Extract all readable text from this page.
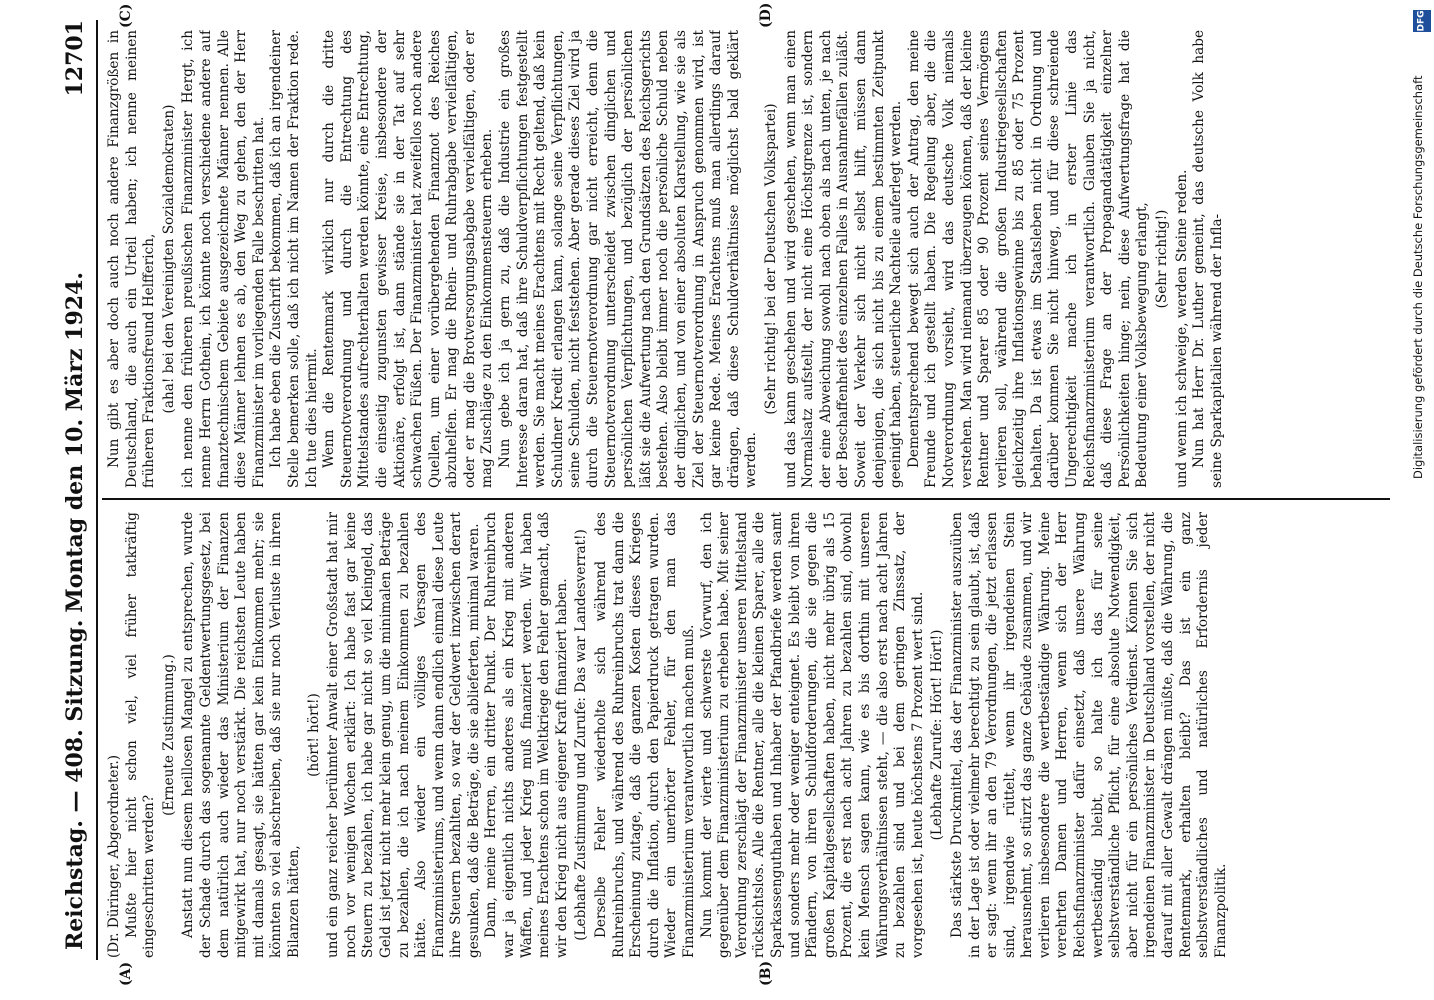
Reichstag. — 408. Sitzung.
Montag den 10. März 1924.
12701
(A)	(B)
(C)	(D)

(Dr. Düringer, Abgeordneter.) Mußte hier nicht schon viel, viel früher tatkräftig eingeschritten werden?

(Erneute Zustimmung.) Anstatt nun diesem heillosen Mangel zu entsprechen, wurde der Schade durch das sogenannte Geldentwertungsgesetz, bei dem natürlich auch wieder das Ministerium der Finanzen mitgewirkt hat, nur noch verstärkt. Die reichsten Leute haben mit damals gesagt, sie hätten gar kein Einkommen mehr; sie könnten so viel abschreiben, daß sie nur noch Verluste in ihren Bilanzen hätten,

(hört! hört!) und ein ganz reicher berühmter Anwalt einer Großstadt hat mir noch vor wenigen Wochen erklärt: Ich habe fast gar keine Steuern zu bezahlen, ich habe gar nicht so viel Kleingeld, das Geld ist jetzt nicht mehr klein genug, um die minimalen Beträge zu bezahlen, die ich nach meinem Einkommen zu bezahlen hätte. Also wieder ein völliges Versagen des Finanzministeriums, und wenn dann endlich einmal diese Leute ihre Steuern bezahlten, so war der Geldwert inzwischen derart gesunken, daß die Beträge, die sie ablieferten, minimal waren. Dann, meine Herren, ein dritter Punkt. Der Ruhreinbruch war ja eigentlich nichts anderes als ein Krieg mit anderen Waffen, und jeder Krieg muß finanziert werden. Wir haben meines Erachtens schon im Weltkriege den Fehler gemacht, daß wir den Krieg nicht aus eigener Kraft finanziert haben. (Lebhafte Zustimmung und Zurufe: Das war Landesverrat!) Derselbe Fehler wiederholte sich während des Ruhreinbruchs, und während des Ruhreinbruchs trat dann die Erscheinung zutage, daß die ganzen Kosten dieses Krieges durch die Inflation, durch den Papierdruck getragen wurden. Wieder ein unerhörter Fehler, für den man das Finanzministerium verantwortlich machen muß. Nun kommt der vierte und schwerste Vorwurf, den ich gegenüber dem Finanzministerium zu erheben habe. Mit seiner Verordnung zerschlägt der Finanzminister unseren Mittelstand rücksichtslos. Alle die Rentner, alle die kleinen Sparer, alle die Sparkassenguthaben und Inhaber der Pfandbriefe werden samt und sonders mehr oder weniger enteignet. Es bleibt von ihren Pfändern, von ihren Schuldforderungen, die sie gegen die großen Kapitalgesellschaften haben, nicht mehr übrig als 15 Prozent, die erst nach acht Jahren zu bezahlen sind, obwohl kein Mensch sagen kann, wie es bis dorthin mit unseren Währungsverhältnissen steht, — die also erst nach acht Jahren zu bezahlen sind und bei dem geringen Zinssatz, der vorgesehen ist, heute höchstens 7 Prozent wert sind. (Lebhafte Zurufe: Hört! Hört!) Das stärkste Druckmittel, das der Finanzminister auszuüben in der Lage ist oder vielmehr berechtigt zu sein glaubt, ist, daß er sagt: wenn ihr an den 79 Verordnungen, die jetzt erlassen sind, irgendwie rüttelt, wenn ihr irgendeinen Stein herausnehmt, so stürzt das ganze Gebäude zusammen, und wir verlieren insbesondere die wertbeständige Währung. Meine verehrten Damen und Herren, wenn sich der Herr Reichsfinanzminister dafür einsetzt, daß unsere Währung wertbeständig bleibt, so halte ich das für seine selbstverständliche Pflicht, für eine absolute Notwendigkeit, aber nicht für ein persönliches Verdienst. Können Sie sich irgendeinen Finanzminister in Deutschland vorstellen, der nicht darauf mit aller Gewalt drängen müßte, daß die Währung, die Rentenmark, erhalten bleibt? Das ist ein ganz selbstverständliches und natürliches Erfordernis jeder Finanzpolitik.

Nun gibt es aber doch auch noch andere Finanzgrößen in Deutschland, die auch ein Urteil haben; ich nenne meinen früheren Fraktionsfreund Helfferich, (aha! bei den Vereinigten Sozialdemokraten) ich nenne den früheren preußischen Finanzminister Hergt, ich nenne Herrn Gothein, ich könnte noch verschiedene andere auf finanztechnischem Gebiete ausgezeichnete Männer nennen. Alle diese Männer lehnen es ab, den Weg zu gehen, den der Herr Finanzminister im vorliegenden Falle beschritten hat. Ich habe eben die Zuschrift bekommen, daß ich an irgendeiner Stelle bemerken solle, daß ich nicht im Namen der Fraktion rede. Ich tue dies hiermit. Wenn die Rentenmark wirklich nur durch die dritte Steuernotverordnung und durch die Entrechtung des Mittelstandes aufrechterhalten werden könnte, eine Entrechtung, die einseitig zugunsten gewisser Kreise, insbesondere der Aktionäre, erfolgt ist, dann stände sie in der Tat auf sehr schwachen Füßen. Der Finanzminister hat zweifellos noch andere Quellen, um einer vorübergehenden Finanznot des Reiches abzuhelfen. Er mag die Rhein- und Ruhrabgabe vervielfältigen, oder er mag die Brotversorgungsabgabe vervielfältigen, oder er mag Zuschläge zu den Einkommensteuern erheben. Nun gebe ich ja gern zu, daß die Industrie ein großes Interesse daran hat, daß ihre Schuldverpflichtungen festgestellt werden. Sie macht meines Erachtens mit Recht geltend, daß kein Schuldner Kredit erlangen kann, solange seine Verpflichtungen, seine Schulden, nicht feststehen. Aber gerade dieses Ziel wird ja durch die Steuernotverordnung gar nicht erreicht, denn die Steuernotverordnung unterscheidet zwischen dinglichen und persönlichen Verpflichtungen, und bezüglich der persönlichen läßt sie die Aufwertung nach den Grundsätzen des Reichsgerichts bestehen. Also bleibt immer noch die persönliche Schuld neben der dinglichen, und von einer absoluten Klarstellung, wie sie als Ziel der Steuernotverordnung in Anspruch genommen wird, ist gar keine Rede. Meines Erachtens muß man allerdings darauf drängen, daß diese Schuldverhältnisse möglichst bald geklärt werden.

(Sehr richtig! bei der Deutschen Volkspartei) und das kann geschehen und wird geschehen, wenn man einen Normalsatz aufstellt, der nicht eine Höchstgrenze ist, sondern der eine Abweichung sowohl nach oben als nach unten, je nach der Beschaffenheit des einzelnen Falles in Ausnahmefällen zuläßt. Soweit der Verkehr sich nicht selbst hilft, müssen dann denjenigen, die sich nicht bis zu einem bestimmten Zeitpunkt geeinigt haben, steuerliche Nachteile auferlegt werden. Dementsprechend bewegt sich auch der Antrag, den meine Freunde und ich gestellt haben. Die Regelung aber, die die Notverordnung vorsieht, wird das deutsche Volk niemals verstehen. Man wird niemand überzeugen können, daß der kleine Rentner und Sparer 85 oder 90 Prozent seines Vermögens verlieren soll, während die großen Industriegesellschaften gleichzeitig ihre Inflationsgewinne bis zu 85 oder 75 Prozent behalten. Da ist etwas im Staatsleben nicht in Ordnung und darüber kommen Sie nicht hinweg, und für diese schreiende Ungerechtigkeit mache ich in erster Linie das Reichsfinanzministerium verantwortlich. Glauben Sie ja nicht, daß diese Frage an der Propagandatätigkeit einzelner Persönlichkeiten hinge; nein, diese Aufwertungsfrage hat die Bedeutung einer Volksbewegung erlangt, (Sehr richtig!) und wenn ich schweige, werden Steine reden. Nun hat Herr Dr. Luther gemeint, das deutsche Volk habe seine Sparkapitalien während der Infla-

DFG
Digitalisierung gefördert durch die Deutsche Forschungsgemeinschaft
